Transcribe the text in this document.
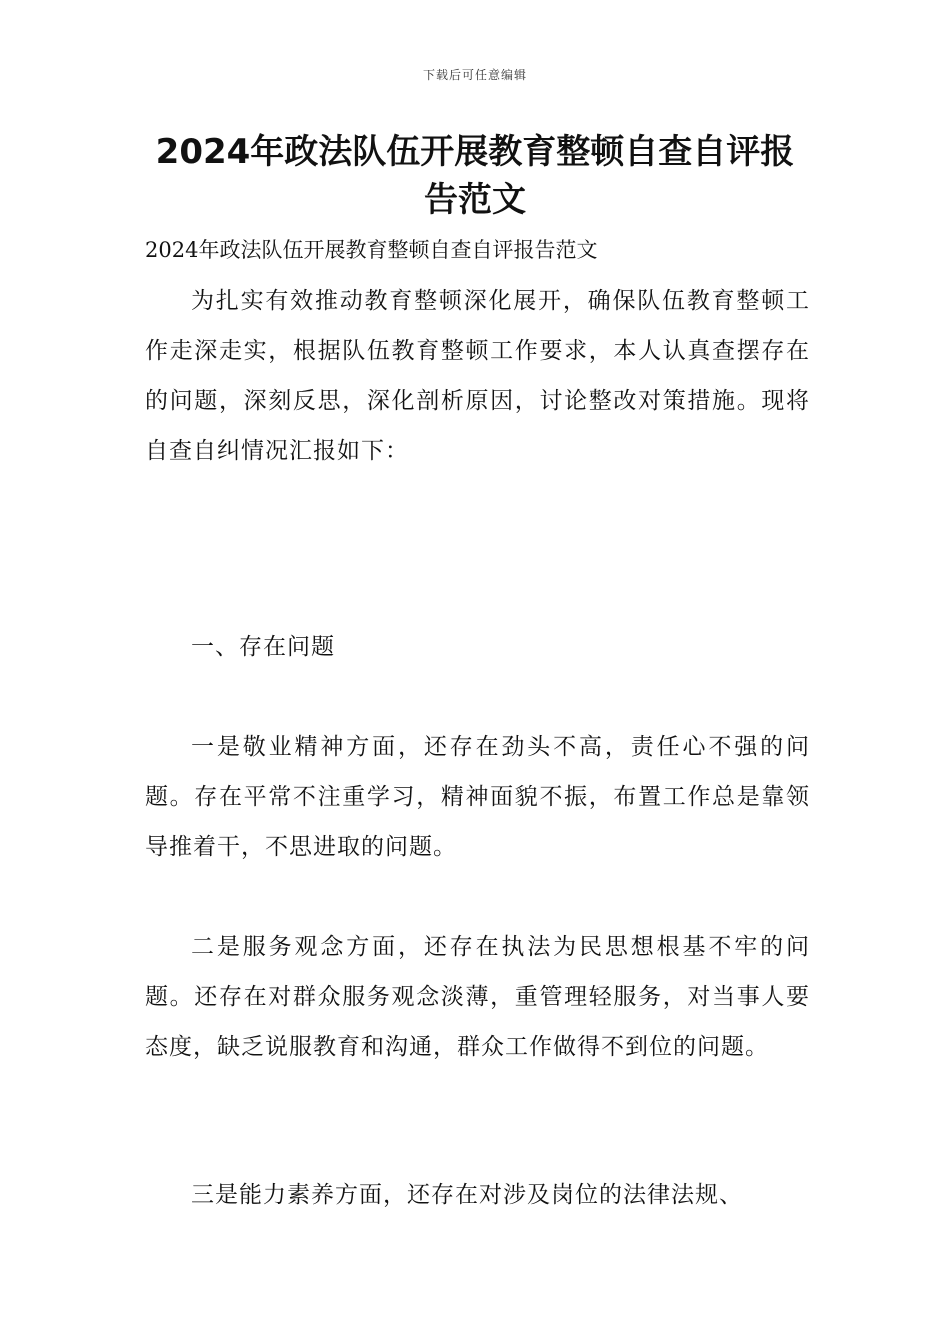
下载后可任意编辑
2024年政法队伍开展教育整顿自查自评报告范文

2024年政法队伍开展教育整顿自查自评报告范文

为扎实有效推动教育整顿深化展开，确保队伍教育整顿工作走深走实，根据队伍教育整顿工作要求，本人认真查摆存在的问题，深刻反思，深化剖析原因，讨论整改对策措施。现将自查自纠情况汇报如下：

一、存在问题

一是敬业精神方面，还存在劲头不高，责任心不强的问题。存在平常不注重学习，精神面貌不振，布置工作总是靠领导推着干，不思进取的问题。

二是服务观念方面，还存在执法为民思想根基不牢的问题。还存在对群众服务观念淡薄，重管理轻服务，对当事人要态度，缺乏说服教育和沟通，群众工作做得不到位的问题。

三是能力素养方面，还存在对涉及岗位的法律法规、
